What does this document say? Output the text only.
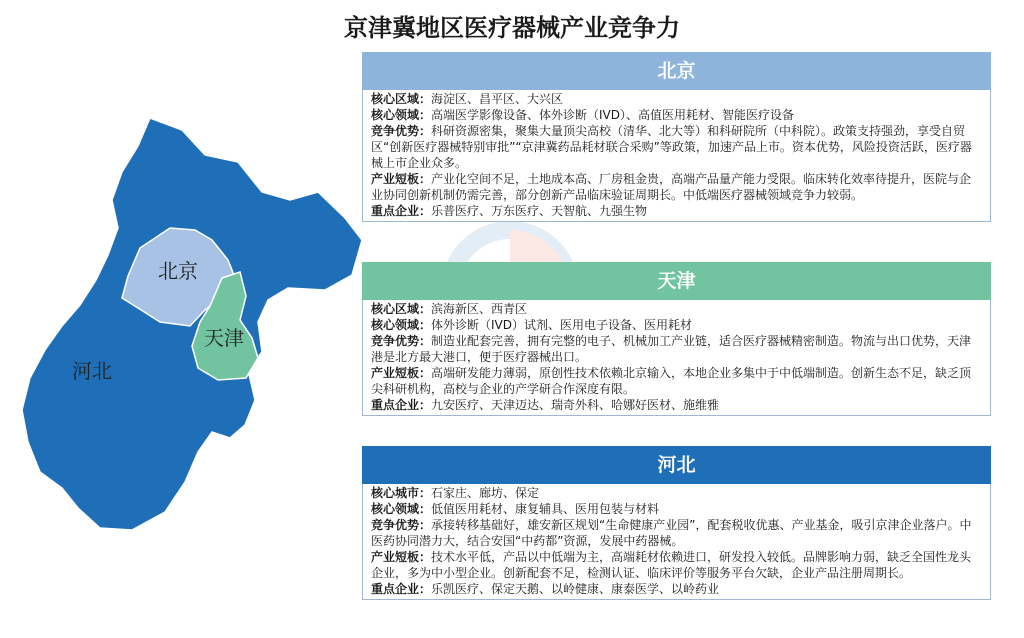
京津冀地区医疗器械产业竞争力
北京
天津
河北
北京

核心区域：海淀区、昌平区、大兴区

核心领域：高端医学影像设备、体外诊断（IVD）、高值医用耗材、智能医疗设备

竞争优势：科研资源密集，聚集大量顶尖高校（清华、北大等）和科研院所（中科院）。政策支持强劲，享受自贸区“创新医疗器械特别审批”“京津冀药品耗材联合采购”等政策，加速产品上市。资本优势，风险投资活跃，医疗器械上市企业众多。

产业短板：产业化空间不足，土地成本高、厂房租金贵，高端产品量产能力受限。临床转化效率待提升，医院与企业协同创新机制仍需完善，部分创新产品临床验证周期长。中低端医疗器械领域竞争力较弱。

重点企业：乐普医疗、万东医疗、天智航、九强生物

天津

核心区域：滨海新区、西青区

核心领域：体外诊断（IVD）试剂、医用电子设备、医用耗材

竞争优势：制造业配套完善，拥有完整的电子、机械加工产业链，适合医疗器械精密制造。物流与出口优势，天津港是北方最大港口，便于医疗器械出口。

产业短板：高端研发能力薄弱，原创性技术依赖北京输入，本地企业多集中于中低端制造。创新生态不足，缺乏顶尖科研机构，高校与企业的产学研合作深度有限。

重点企业：九安医疗、天津迈达、瑞奇外科、哈娜好医材、施维雅

河北

核心城市：石家庄、廊坊、保定

核心领域：低值医用耗材、康复辅具、医用包装与材料

竞争优势：承接转移基础好，雄安新区规划“生命健康产业园”，配套税收优惠、产业基金，吸引京津企业落户。中医药协同潜力大，结合安国“中药都”资源，发展中药器械。

产业短板：技术水平低，产品以中低端为主，高端耗材依赖进口，研发投入较低。品牌影响力弱，缺乏全国性龙头企业，多为中小型企业。创新配套不足，检测认证、临床评价等服务平台欠缺，企业产品注册周期长。

重点企业：乐凯医疗、保定天鹅、以岭健康、康泰医学、以岭药业
